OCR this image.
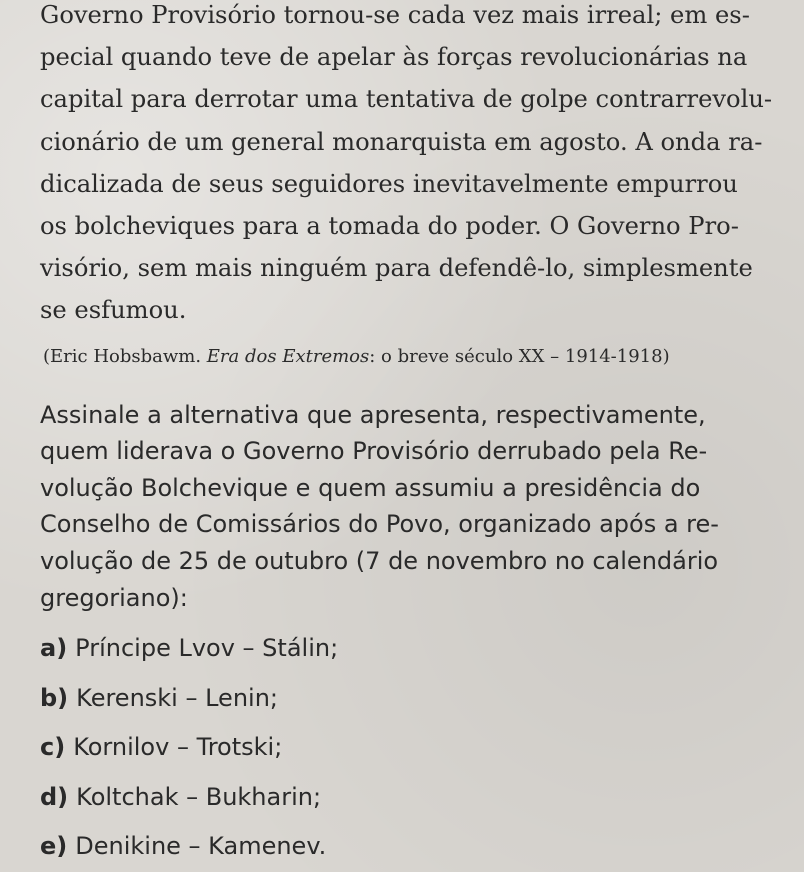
Governo Provisório tornou-se cada vez mais irreal; em es-
pecial quando teve de apelar às forças revolucionárias na
capital para derrotar uma tentativa de golpe contrarrevolu-
cionário de um general monarquista em agosto. A onda ra-
dicalizada de seus seguidores inevitavelmente empurrou
os bolcheviques para a tomada do poder. O Governo Pro-
visório, sem mais ninguém para defendê-lo, simplesmente
se esfumou.
(Eric Hobsbawm. Era dos Extremos: o breve século XX – 1914-1918)
Assinale a alternativa que apresenta, respectivamente,
quem liderava o Governo Provisório derrubado pela Re-
volução Bolchevique e quem assumiu a presidência do
Conselho de Comissários do Povo, organizado após a re-
volução de 25 de outubro (7 de novembro no calendário
gregoriano):
a) Príncipe Lvov – Stálin;
b) Kerenski – Lenin;
c) Kornilov – Trotski;
d) Koltchak – Bukharin;
e) Denikine – Kamenev.
